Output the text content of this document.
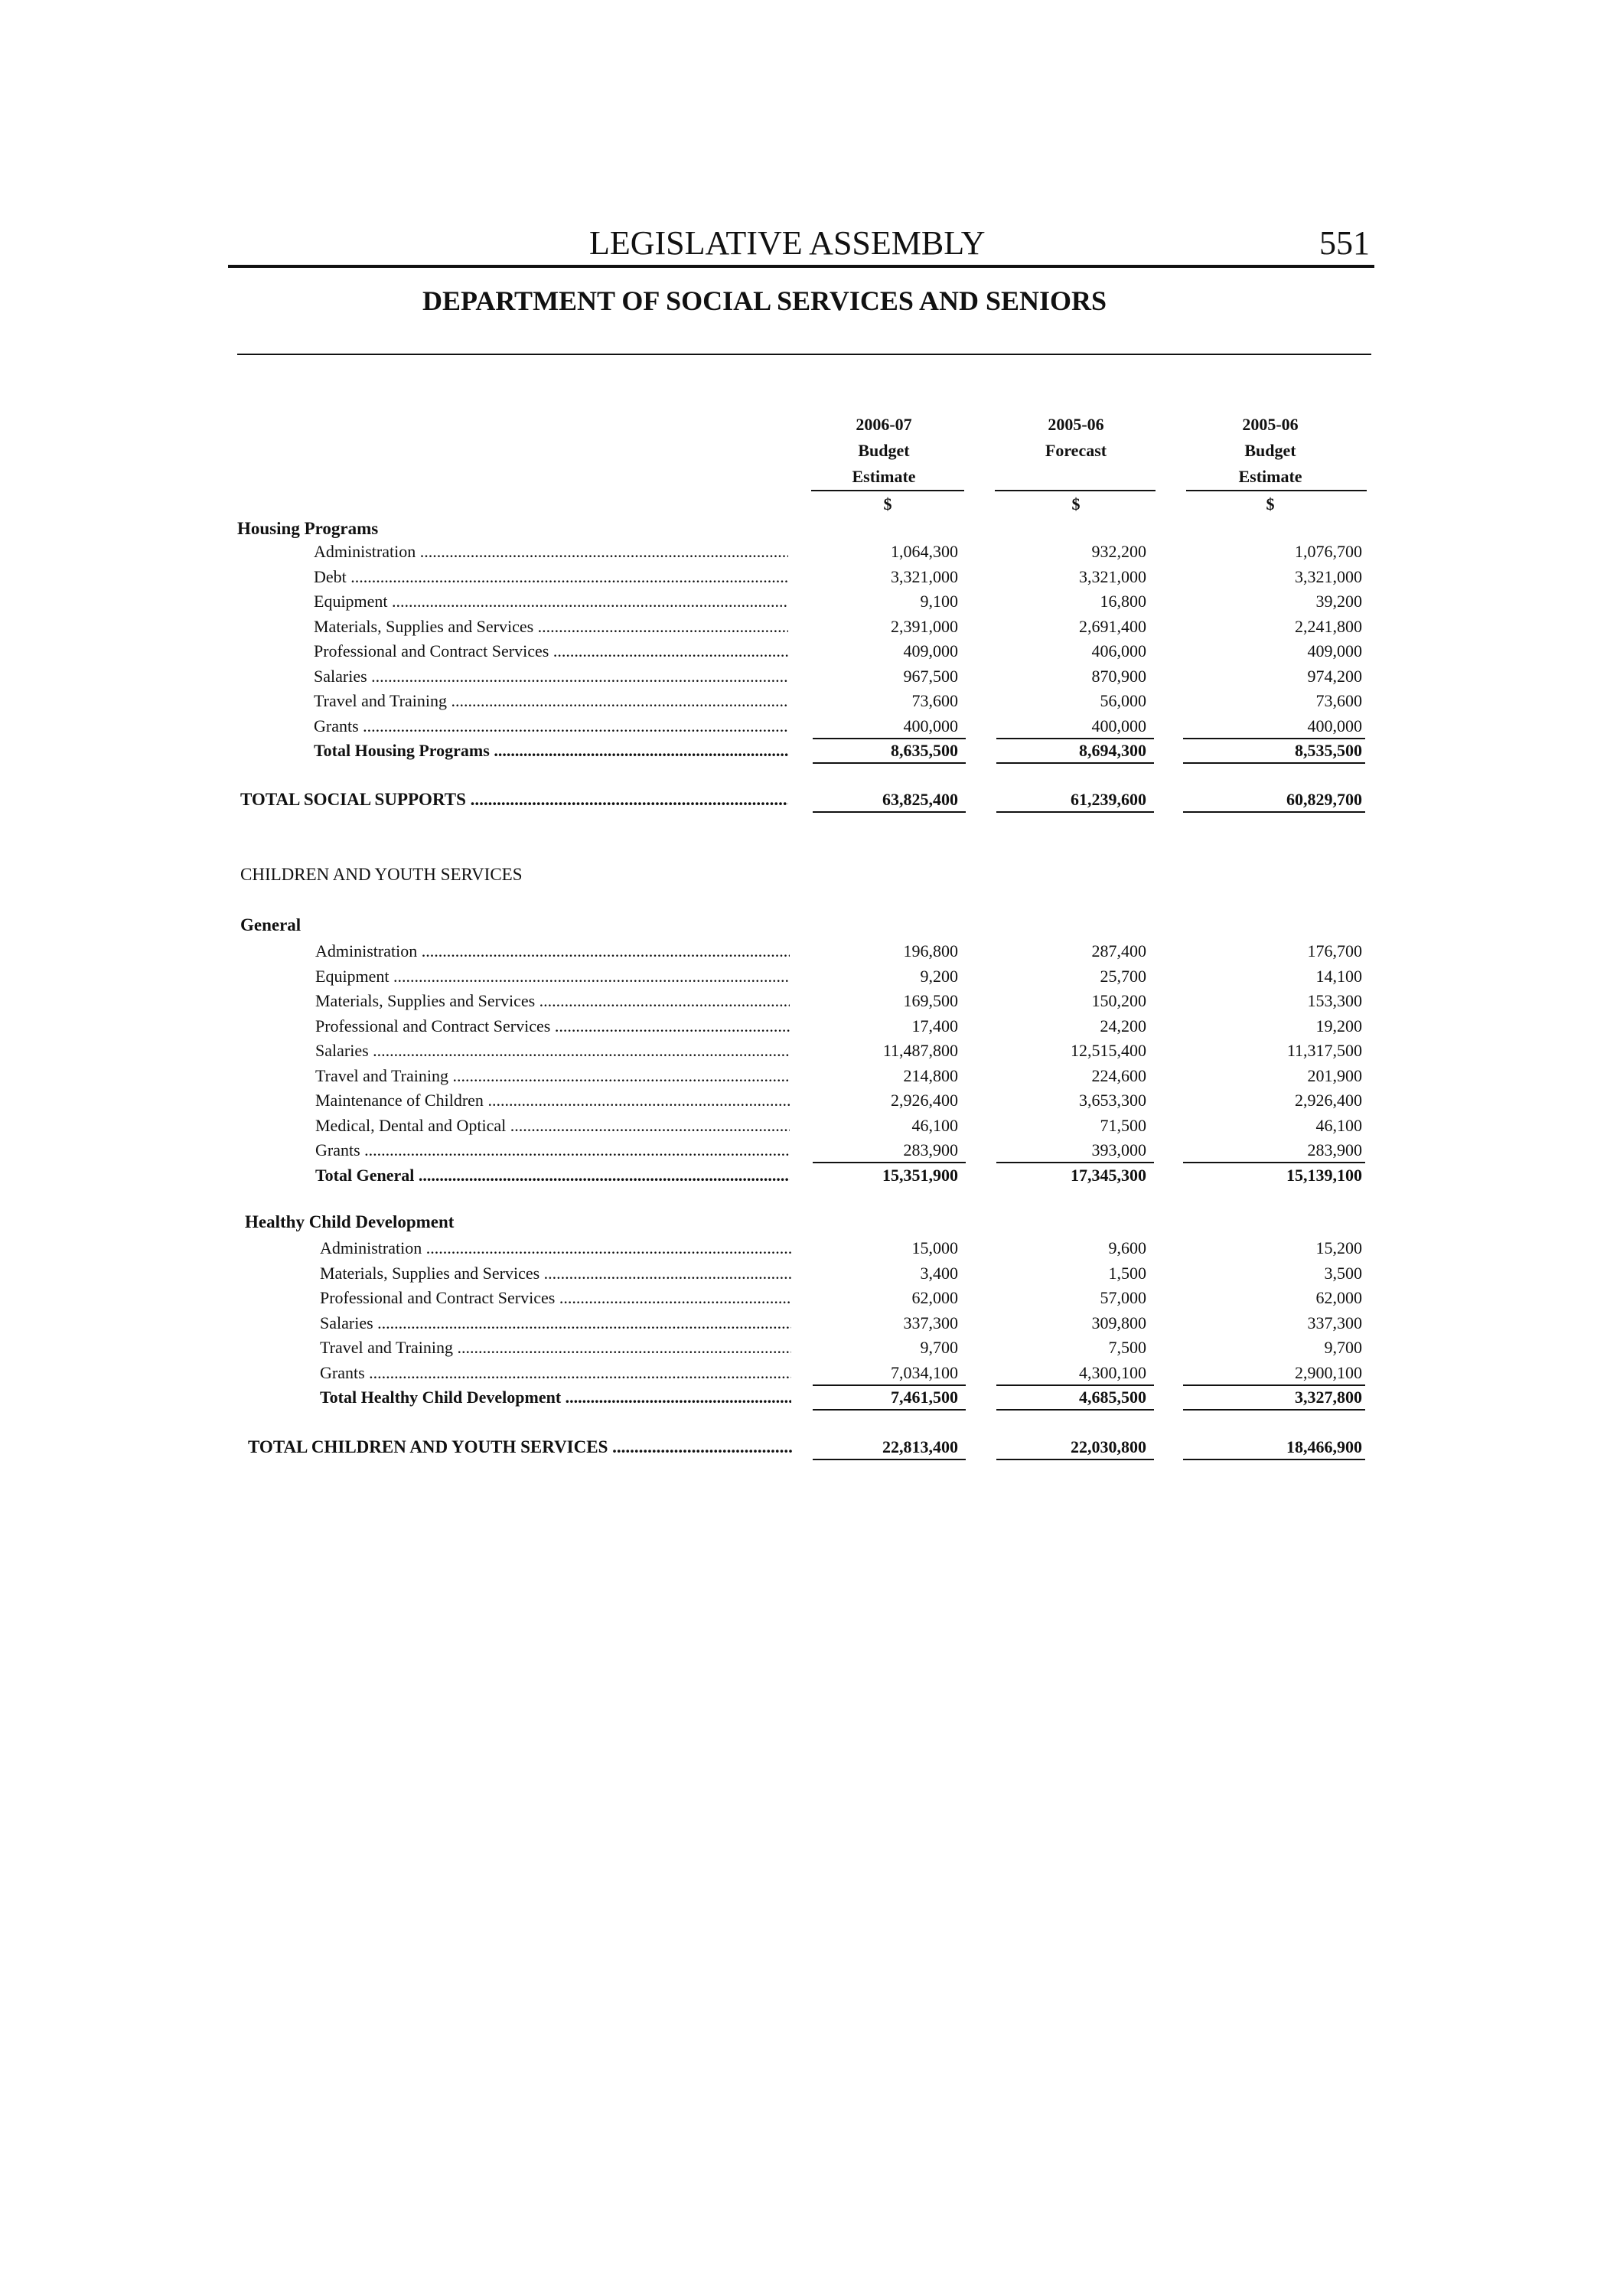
LEGISLATIVE ASSEMBLY	551
DEPARTMENT OF SOCIAL SERVICES AND SENIORS
2006-07
Budget
Estimate
2005-06
Forecast
2005-06
Budget
Estimate
$	$	$
Housing Programs
CHILDREN AND YOUTH SERVICES
General
Healthy Child Development
Administration .....	1,064,300	932,200	1,076,700
Debt .....	3,321,000	3,321,000	3,321,000
Equipment .....	9,100	16,800	39,200
Materials, Supplies and Services .....	2,391,000	2,691,400	2,241,800
Professional and Contract Services .....	409,000	406,000	409,000
Salaries .....	967,500	870,900	974,200
Travel and Training .....	73,600	56,000	73,600
Grants .....	400,000	400,000	400,000
Total Housing Programs .....	8,635,500	8,694,300	8,535,500
TOTAL SOCIAL SUPPORTS .....	63,825,400	61,239,600	60,829,700
Administration .....	196,800	287,400	176,700
Equipment .....	9,200	25,700	14,100
Materials, Supplies and Services .....	169,500	150,200	153,300
Professional and Contract Services .....	17,400	24,200	19,200
Salaries .....	11,487,800	12,515,400	11,317,500
Travel and Training .....	214,800	224,600	201,900
Maintenance of Children .....	2,926,400	3,653,300	2,926,400
Medical, Dental and Optical .....	46,100	71,500	46,100
Grants .....	283,900	393,000	283,900
Total General .....	15,351,900	17,345,300	15,139,100
Administration .....	15,000	9,600	15,200
Materials, Supplies and Services .....	3,400	1,500	3,500
Professional and Contract Services .....	62,000	57,000	62,000
Salaries .....	337,300	309,800	337,300
Travel and Training .....	9,700	7,500	9,700
Grants .....	7,034,100	4,300,100	2,900,100
Total Healthy Child Development .....	7,461,500	4,685,500	3,327,800
TOTAL CHILDREN AND YOUTH SERVICES .....	22,813,400	22,030,800	18,466,900
